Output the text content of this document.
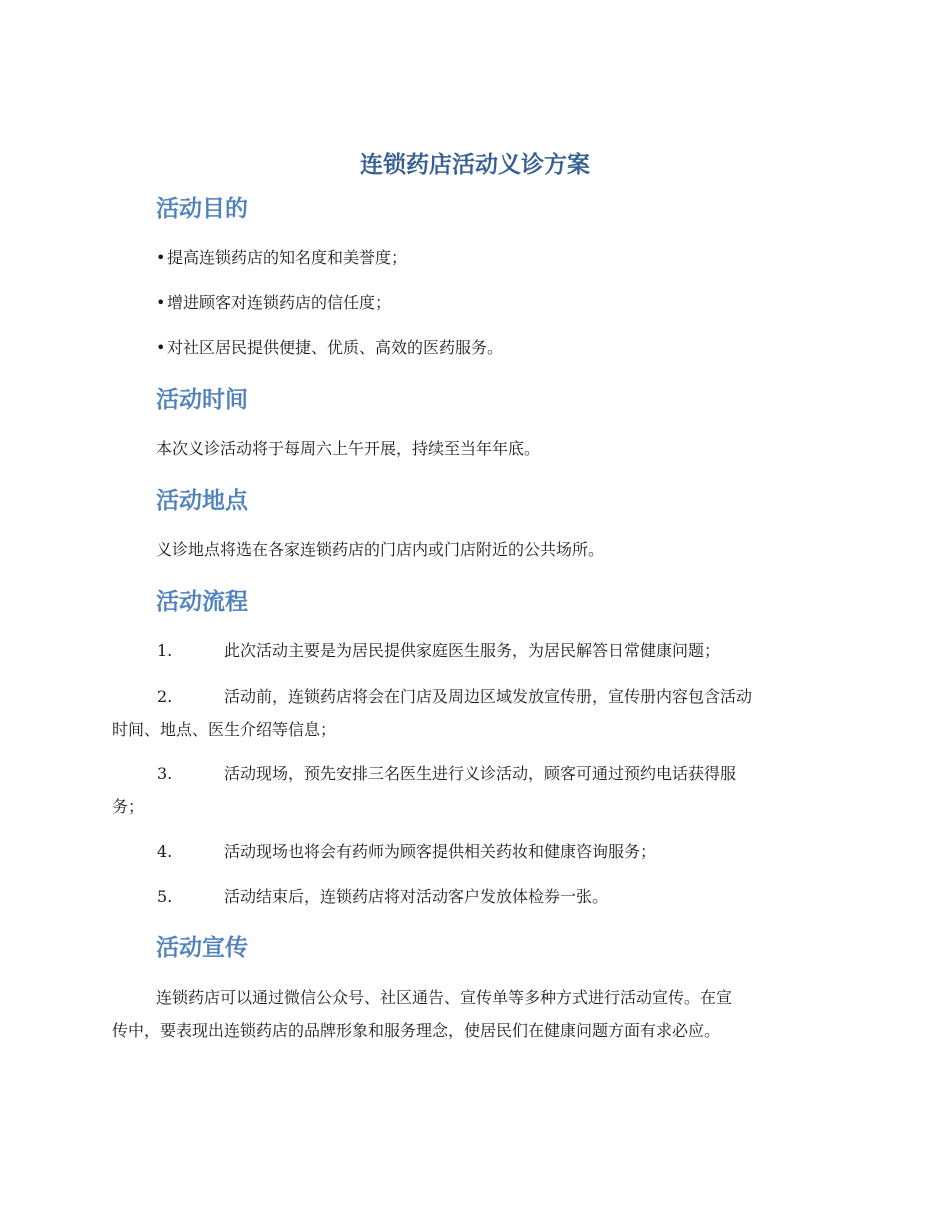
连锁药店活动义诊方案
活动目的

•提高连锁药店的知名度和美誉度；

•增进顾客对连锁药店的信任度；

•对社区居民提供便捷、优质、高效的医药服务。

活动时间

本次义诊活动将于每周六上午开展，持续至当年年底。

活动地点

义诊地点将选在各家连锁药店的门店内或门店附近的公共场所。

活动流程
1.	此次活动主要是为居民提供家庭医生服务，为居民解答日常健康问题；
2.	活动前，连锁药店将会在门店及周边区域发放宣传册，宣传册内容包含活动
时间、地点、医生介绍等信息；
3.	活动现场，预先安排三名医生进行义诊活动，顾客可通过预约电话获得服
务；
4.	活动现场也将会有药师为顾客提供相关药妆和健康咨询服务；
5.	活动结束后，连锁药店将对活动客户发放体检券一张。
活动宣传

连锁药店可以通过微信公众号、社区通告、宣传单等多种方式进行活动宣传。在宣

传中，要表现出连锁药店的品牌形象和服务理念，使居民们在健康问题方面有求必应。
